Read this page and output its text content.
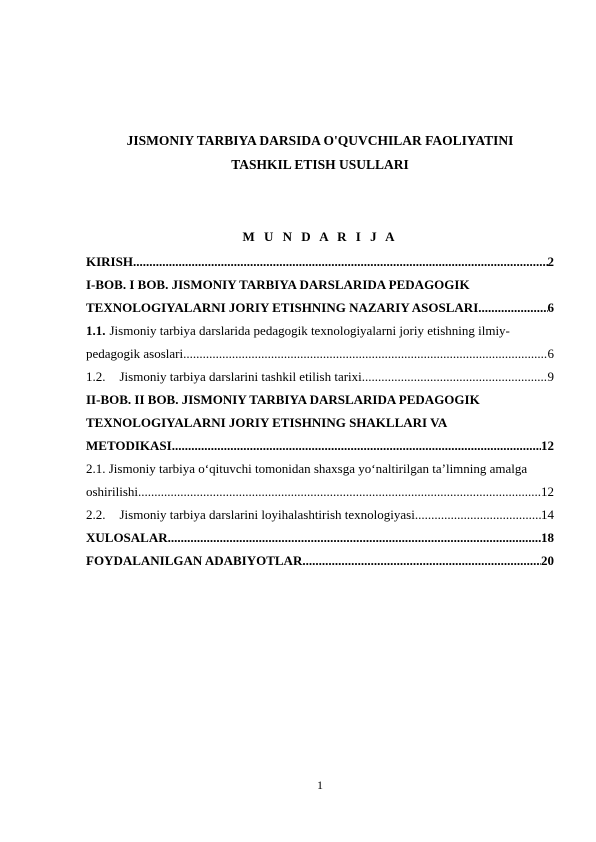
JISMONIY TARBIYA DARSIDA O'QUVCHILAR FAOLIYATINI
TASHKIL ETISH USULLARI
M U N D A R I J A
KIRISH .....	2
I-BOB. I BOB. JISMONIY TARBIYA DARSLARIDA PEDAGOGIK
TEXNOLOGIYALARNI JORIY ETISHNING NAZARIY ASOSLARI .....	6
1.1. Jismoniy tarbiya darslarida pedagogik texnologiyalarni joriy etishning ilmiy-
pedagogik asoslari .....	6
1.2. Jismoniy tarbiya darslarini tashkil etilish tarixi .....	9
II-BOB. II BOB. JISMONIY TARBIYA DARSLARIDA PEDAGOGIK
TEXNOLOGIYALARNI JORIY ETISHNING SHAKLLARI VA
METODIKASI .....	12
2.1. Jismoniy tarbiya o‘qituvchi tomonidan shaxsga yo‘naltirilgan ta’limning amalga
oshirilishi .....	12
2.2. Jismoniy tarbiya darslarini loyihalashtirish texnologiyasi .....	14
XULOSALAR .....	18
FOYDALANILGAN ADABIYOTLAR .....	20
1
